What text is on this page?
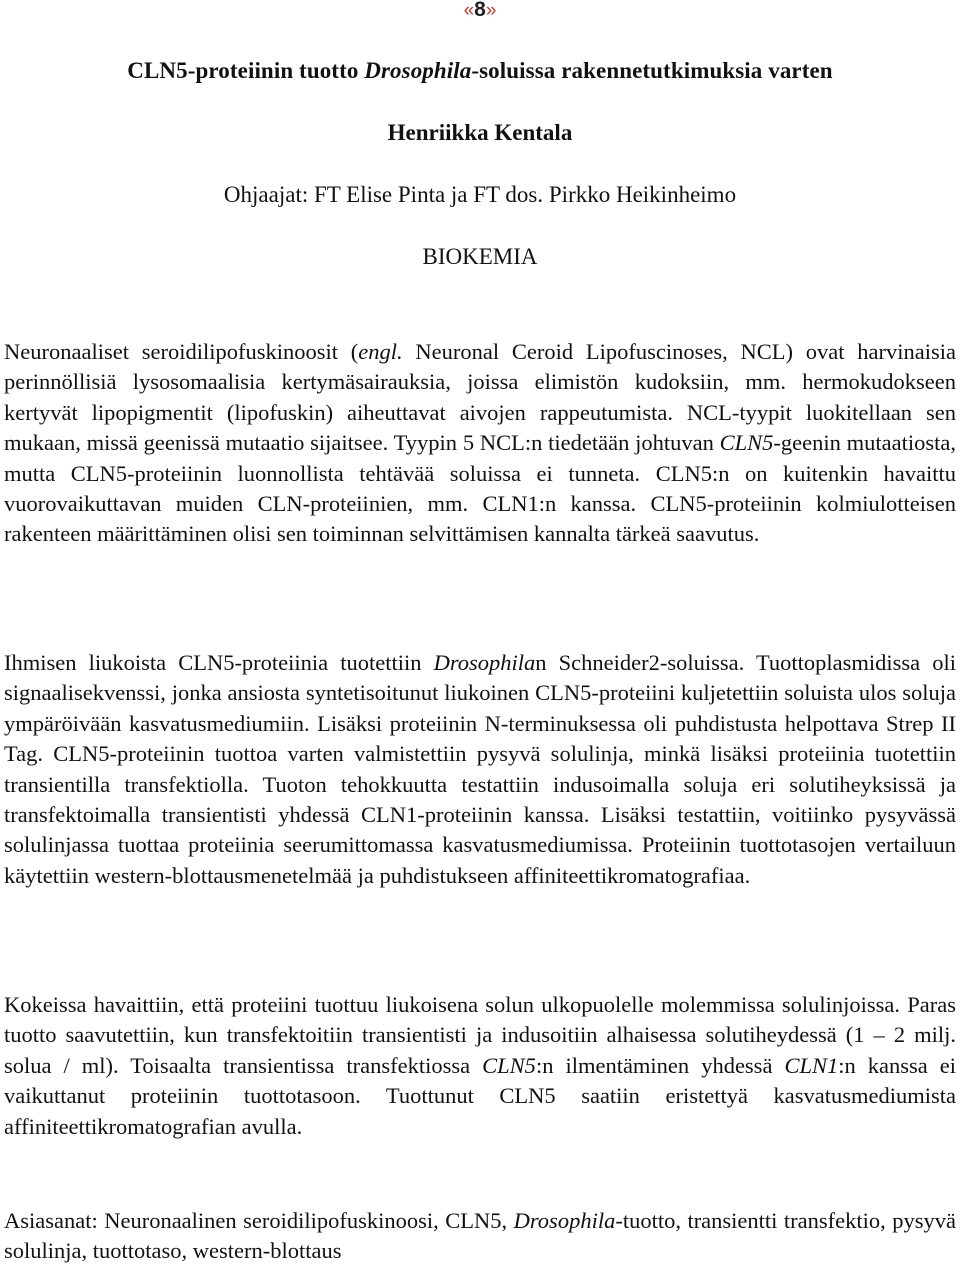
«8»
CLN5-proteiinin tuotto Drosophila-soluissa rakennetutkimuksia varten
Henriikka Kentala
Ohjaajat: FT Elise Pinta ja FT dos. Pirkko Heikinheimo
BIOKEMIA

Neuronaaliset seroidilipofuskinoosit (engl. Neuronal Ceroid Lipofuscinoses, NCL) ovat harvinaisia perinnöllisiä lysosomaalisia kertymäsairauksia, joissa elimistön kudoksiin, mm. hermokudokseen kertyvät lipopigmentit (lipofuskin) aiheuttavat aivojen rappeutumista. NCL-tyypit luokitellaan sen mukaan, missä geenissä mutaatio sijaitsee. Tyypin 5 NCL:n tiedetään johtuvan CLN5-geenin mutaatiosta, mutta CLN5-proteiinin luonnollista tehtävää soluissa ei tunneta. CLN5:n on kuitenkin havaittu vuorovaikuttavan muiden CLN-proteiinien, mm. CLN1:n kanssa. CLN5-proteiinin kolmiulotteisen rakenteen määrittäminen olisi sen toiminnan selvittämisen kannalta tärkeä saavutus.

Ihmisen liukoista CLN5-proteiinia tuotettiin Drosophilan Schneider2-soluissa. Tuottoplasmidissa oli signaalisekvenssi, jonka ansiosta syntetisoitunut liukoinen CLN5-proteiini kuljetettiin soluista ulos soluja ympäröivään kasvatusmediumiin. Lisäksi proteiinin N-terminuksessa oli puhdistusta helpottava Strep II Tag. CLN5-proteiinin tuottoa varten valmistettiin pysyvä solulinja, minkä lisäksi proteiinia tuotettiin transientilla transfektiolla. Tuoton tehokkuutta testattiin indusoimalla soluja eri solutiheyksissä ja transfektoimalla transientisti yhdessä CLN1-proteiinin kanssa. Lisäksi testattiin, voitiinko pysyvässä solulinjassa tuottaa proteiinia seerumittomassa kasvatusmediumissa. Proteiinin tuottotasojen vertailuun käytettiin western-blottausmenetelmää ja puhdistukseen affiniteettikromatografiaa.

Kokeissa havaittiin, että proteiini tuottuu liukoisena solun ulkopuolelle molemmissa solulinjoissa. Paras tuotto saavutettiin, kun transfektoitiin transientisti ja indusoitiin alhaisessa solutiheydessä (1 – 2 milj. solua / ml). Toisaalta transientissa transfektiossa CLN5:n ilmentäminen yhdessä CLN1:n kanssa ei vaikuttanut proteiinin tuottotasoon. Tuottunut CLN5 saatiin eristettyä kasvatusmediumista affiniteettikromatografian avulla.

Asiasanat: Neuronaalinen seroidilipofuskinoosi, CLN5, Drosophila-tuotto, transientti transfektio, pysyvä solulinja, tuottotaso, western-blottaus
